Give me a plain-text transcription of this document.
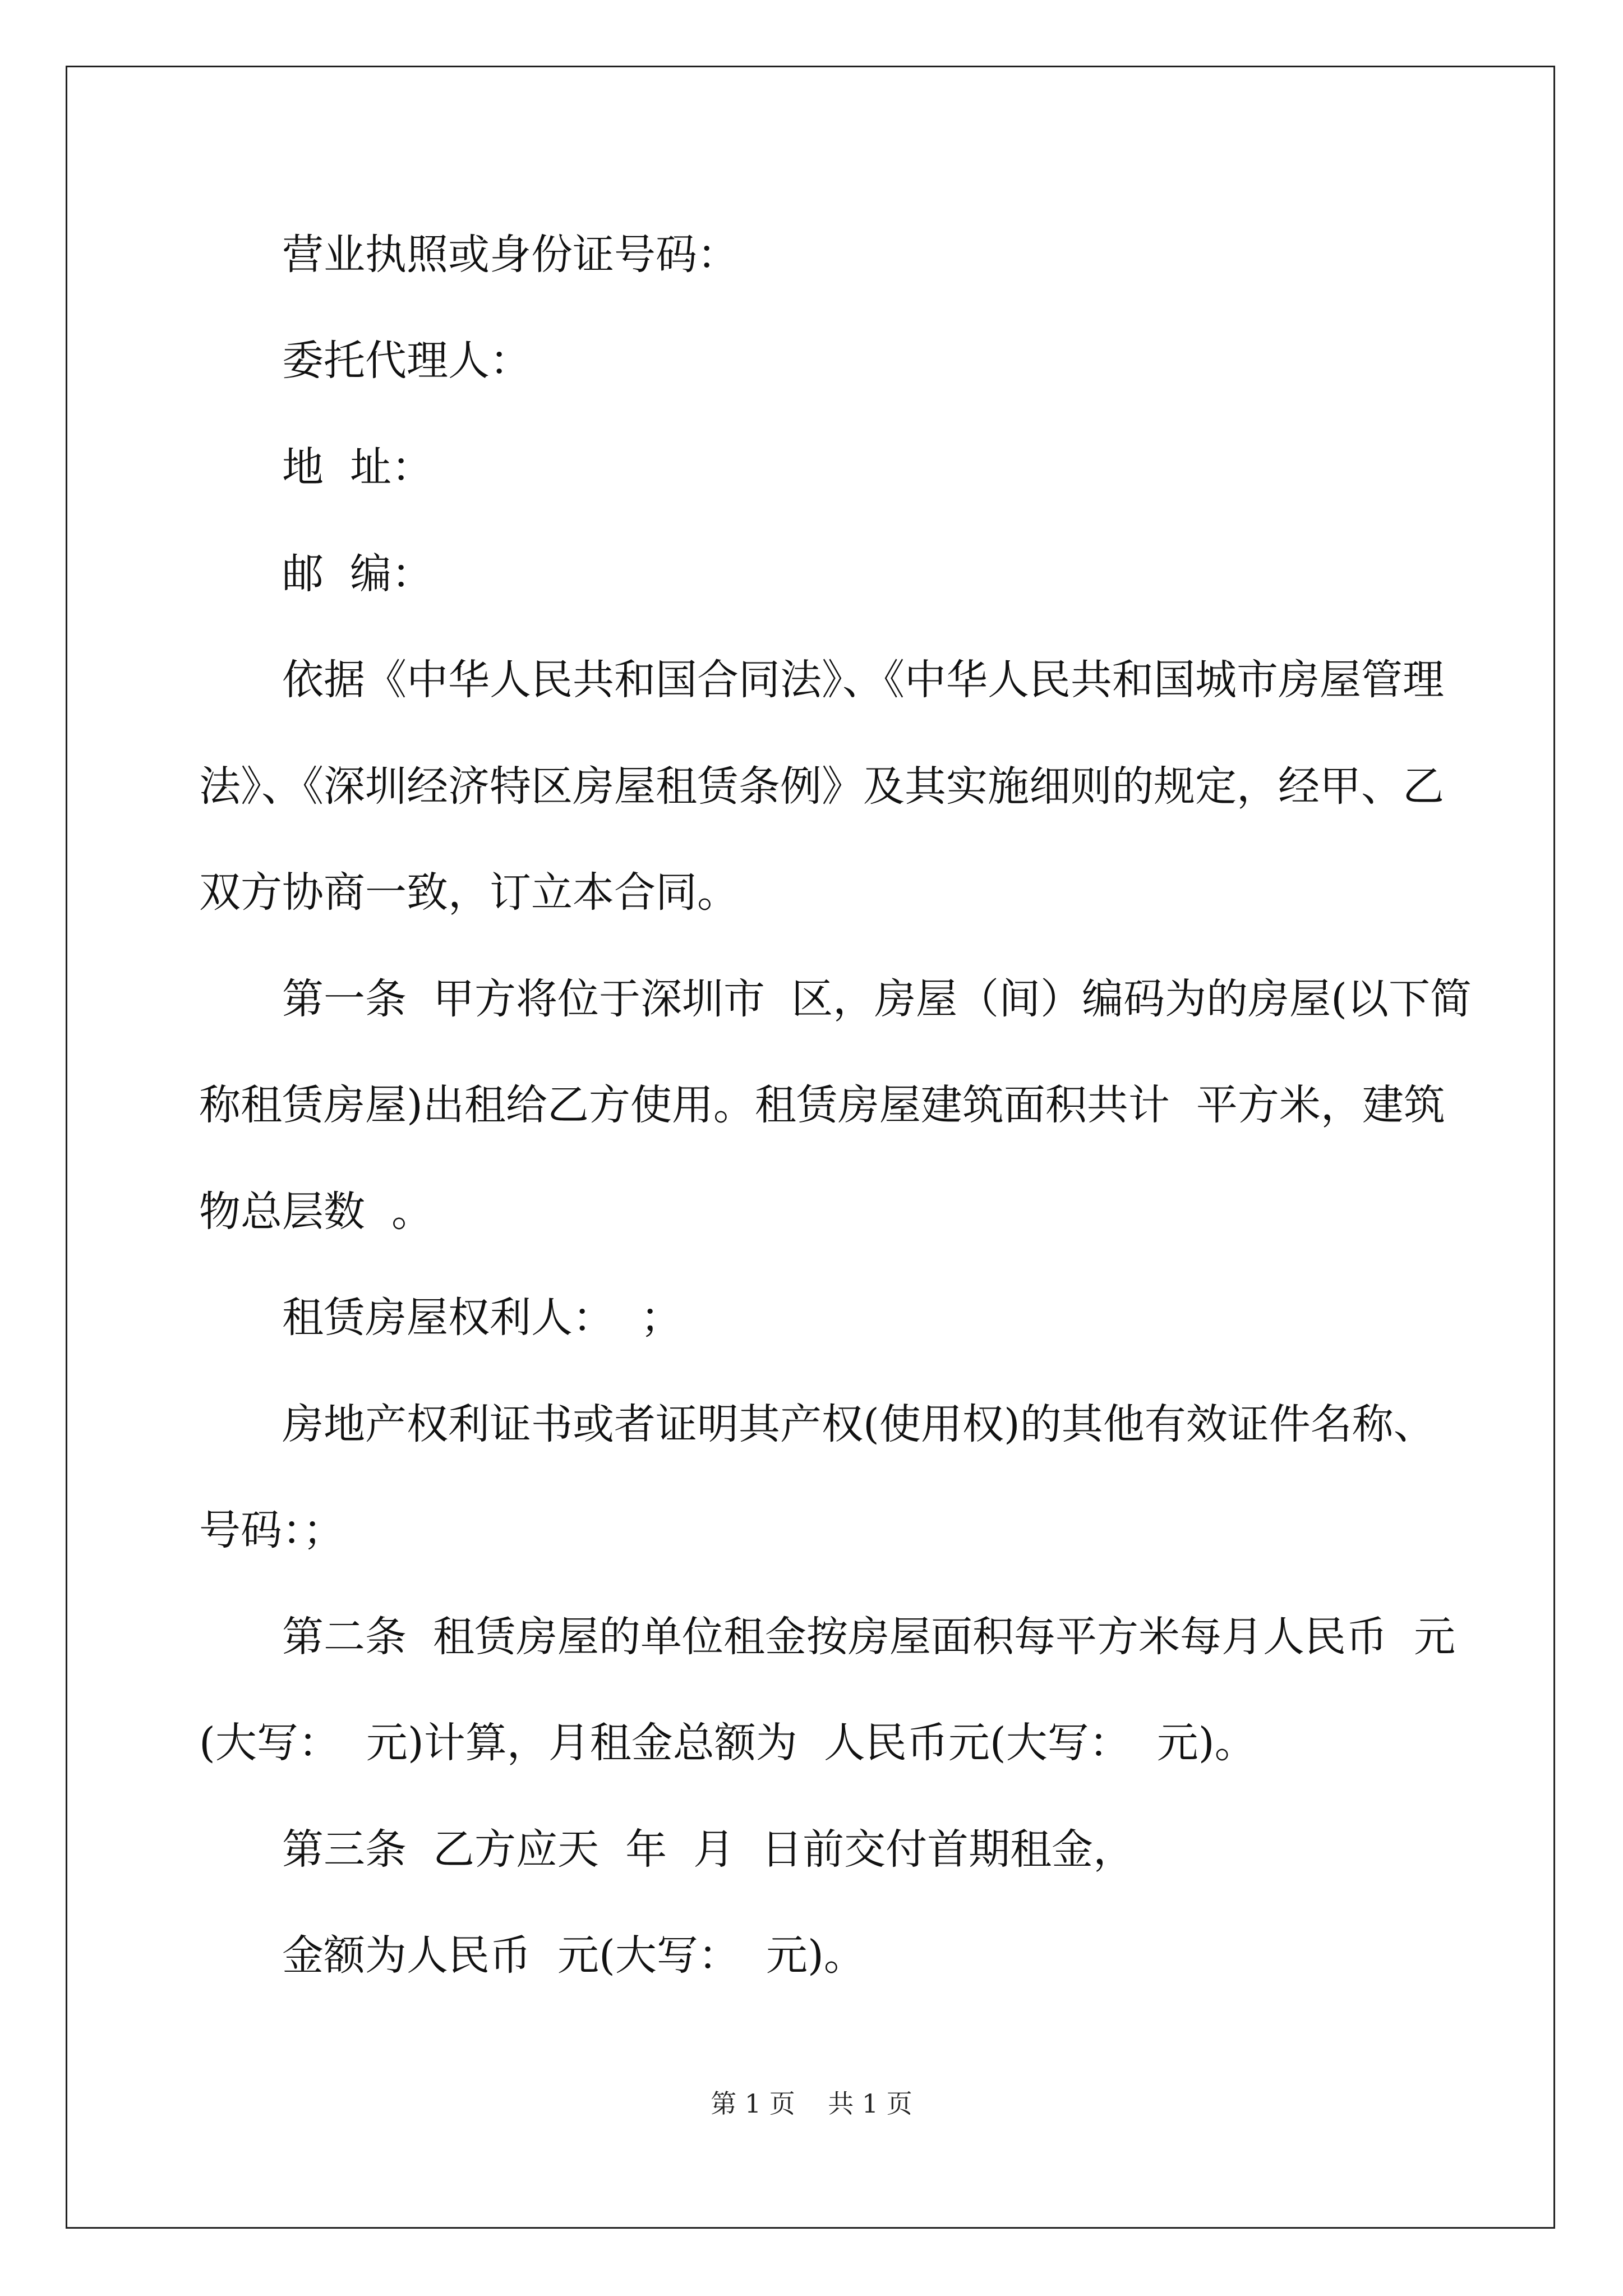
营业执照或身份证号码：
委托代理人：
地  址：
邮  编：
依据《中华人民共和国合同法》、《中华人民共和国城市房屋管理
法》、《深圳经济特区房屋租赁条例》及其实施细则的规定，经甲、乙
双方协商一致，订立本合同。
第一条  甲方将位于深圳市  区，房屋（间）编码为的房屋(以下简
称租赁房屋)出租给乙方使用。租赁房屋建筑面积共计  平方米，建筑
物总层数  。
租赁房屋权利人：  ；
房地产权利证书或者证明其产权(使用权)的其他有效证件名称、
号码：；
第二条  租赁房屋的单位租金按房屋面积每平方米每月人民币  元
(大写：  元)计算，月租金总额为  人民币元(大写：  元)。
第三条  乙方应天  年  月  日前交付首期租金，
金额为人民币  元(大写：  元)。
第 1 页    共 1 页
